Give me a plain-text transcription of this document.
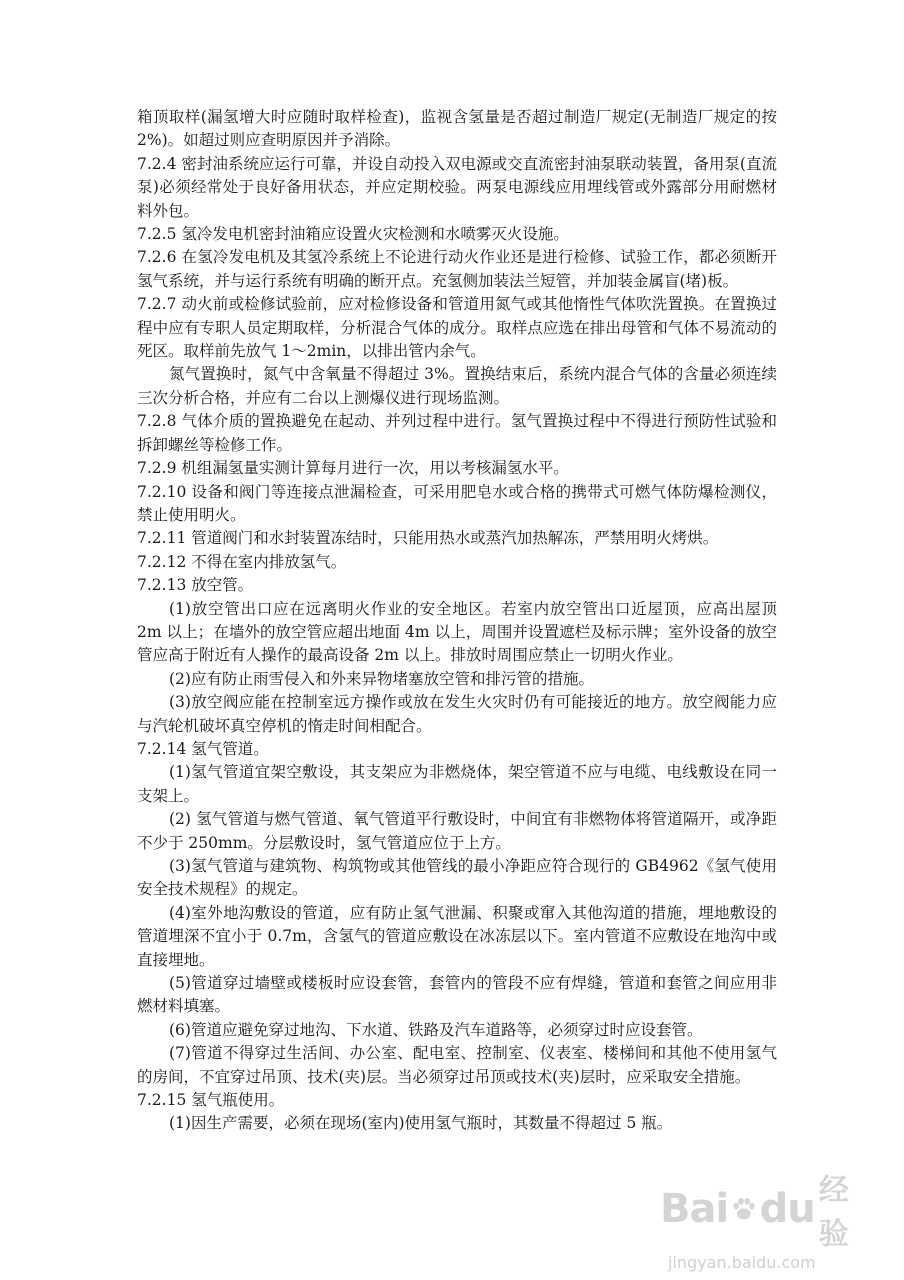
箱顶取样(漏氢增大时应随时取样检查)，监视含氢量是否超过制造厂规定(无制造厂规定的按2%)。如超过则应查明原因并予消除。

7.2.4 密封油系统应运行可靠，并设自动投入双电源或交直流密封油泵联动装置，备用泵(直流泵)必须经常处于良好备用状态，并应定期校验。两泵电源线应用埋线管或外露部分用耐燃材料外包。

7.2.5 氢冷发电机密封油箱应设置火灾检测和水喷雾灭火设施。

7.2.6 在氢冷发电机及其氢冷系统上不论进行动火作业还是进行检修、试验工作，都必须断开氢气系统，并与运行系统有明确的断开点。充氢侧加装法兰短管，并加装金属盲(堵)板。

7.2.7 动火前或检修试验前，应对检修设备和管道用氮气或其他惰性气体吹洗置换。在置换过程中应有专职人员定期取样，分析混合气体的成分。取样点应选在排出母管和气体不易流动的死区。取样前先放气 1～2min，以排出管内余气。

氮气置换时，氮气中含氧量不得超过 3%。置换结束后，系统内混合气体的含量必须连续三次分析合格，并应有二台以上测爆仪进行现场监测。

7.2.8 气体介质的置换避免在起动、并列过程中进行。氢气置换过程中不得进行预防性试验和拆卸螺丝等检修工作。

7.2.9 机组漏氢量实测计算每月进行一次，用以考核漏氢水平。

7.2.10 设备和阀门等连接点泄漏检查，可采用肥皂水或合格的携带式可燃气体防爆检测仪，禁止使用明火。

7.2.11 管道阀门和水封装置冻结时，只能用热水或蒸汽加热解冻，严禁用明火烤烘。

7.2.12 不得在室内排放氢气。

7.2.13 放空管。

(1)放空管出口应在远离明火作业的安全地区。若室内放空管出口近屋顶，应高出屋顶 2m 以上；在墙外的放空管应超出地面 4m 以上，周围并设置遮栏及标示牌；室外设备的放空管应高于附近有人操作的最高设备 2m 以上。排放时周围应禁止一切明火作业。

(2)应有防止雨雪侵入和外来异物堵塞放空管和排污管的措施。

(3)放空阀应能在控制室远方操作或放在发生火灾时仍有可能接近的地方。放空阀能力应与汽轮机破坏真空停机的惰走时间相配合。

7.2.14 氢气管道。

(1)氢气管道宜架空敷设，其支架应为非燃烧体，架空管道不应与电缆、电线敷设在同一支架上。

(2) 氢气管道与燃气管道、氧气管道平行敷设时，中间宜有非燃物体将管道隔开，或净距不少于 250mm。分层敷设时，氢气管道应位于上方。

(3)氢气管道与建筑物、构筑物或其他管线的最小净距应符合现行的 GB4962《氢气使用安全技术规程》的规定。

(4)室外地沟敷设的管道，应有防止氢气泄漏、积聚或窜入其他沟道的措施，埋地敷设的管道埋深不宜小于 0.7m，含氢气的管道应敷设在冰冻层以下。室内管道不应敷设在地沟中或直接埋地。

(5)管道穿过墙壁或楼板时应设套管，套管内的管段不应有焊缝，管道和套管之间应用非燃材料填塞。

(6)管道应避免穿过地沟、下水道、铁路及汽车道路等，必须穿过时应设套管。

(7)管道不得穿过生活间、办公室、配电室、控制室、仪表室、楼梯间和其他不使用氢气的房间，不宜穿过吊顶、技术(夹)层。当必须穿过吊顶或技术(夹)层时，应采取安全措施。

7.2.15 氢气瓶使用。

(1)因生产需要，必须在现场(室内)使用氢气瓶时，其数量不得超过 5 瓶。

Bai du 经验
jingyan.baidu.com
